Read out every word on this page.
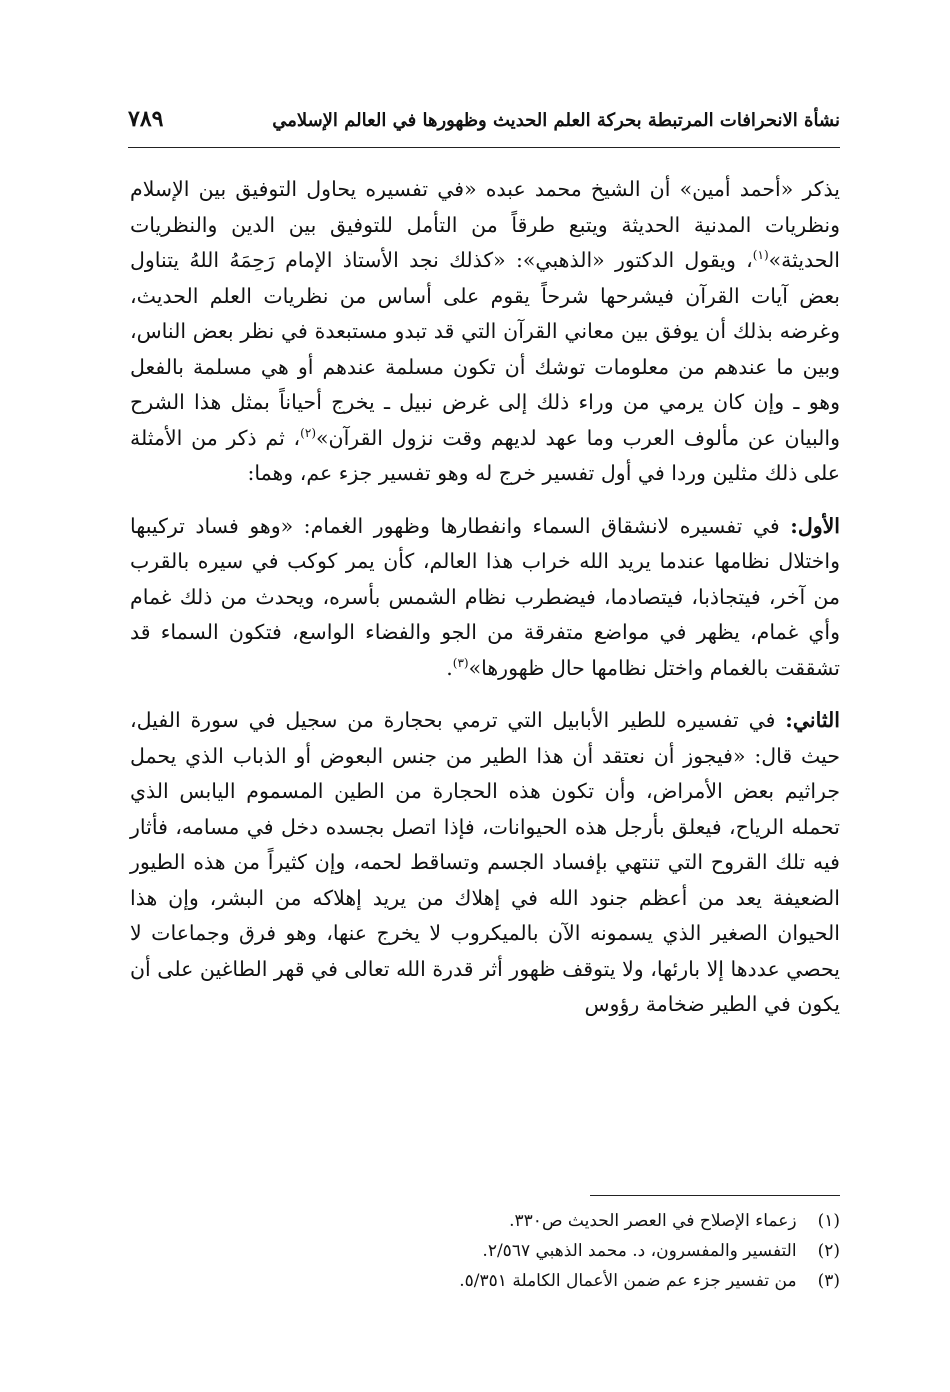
نشأة الانحرافات المرتبطة بحركة العلم الحديث وظهورها في العالم الإسلامي
٧٨٩

يذكر «أحمد أمين» أن الشيخ محمد عبده «في تفسيره يحاول التوفيق بين الإسلام ونظريات المدنية الحديثة ويتبع طرقاً من التأمل للتوفيق بين الدين والنظريات الحديثة»$^{(١)}$، ويقول الدكتور «الذهبي»: «كذلك نجد الأستاذ الإمام رَحِمَهُ اللهُ يتناول بعض آيات القرآن فيشرحها شرحاً يقوم على أساس من نظريات العلم الحديث، وغرضه بذلك أن يوفق بين معاني القرآن التي قد تبدو مستبعدة في نظر بعض الناس، وبين ما عندهم من معلومات توشك أن تكون مسلمة عندهم أو هي مسلمة بالفعل وهو ـ وإن كان يرمي من وراء ذلك إلى غرض نبيل ـ يخرج أحياناً بمثل هذا الشرح والبيان عن مألوف العرب وما عهد لديهم وقت نزول القرآن»$^{(٢)}$، ثم ذكر من الأمثلة على ذلك مثلين وردا في أول تفسير خرج له وهو تفسير جزء عم، وهما:

الأول: في تفسيره لانشقاق السماء وانفطارها وظهور الغمام: «وهو فساد تركيبها واختلال نظامها عندما يريد الله خراب هذا العالم، كأن يمر كوكب في سيره بالقرب من آخر، فيتجاذبا، فيتصادما، فيضطرب نظام الشمس بأسره، ويحدث من ذلك غمام وأي غمام، يظهر في مواضع متفرقة من الجو والفضاء الواسع، فتكون السماء قد تشققت بالغمام واختل نظامها حال ظهورها»$^{(٣)}$.

الثاني: في تفسيره للطير الأبابيل التي ترمي بحجارة من سجيل في سورة الفيل، حيث قال: «فيجوز أن نعتقد أن هذا الطير من جنس البعوض أو الذباب الذي يحمل جراثيم بعض الأمراض، وأن تكون هذه الحجارة من الطين المسموم اليابس الذي تحمله الرياح، فيعلق بأرجل هذه الحيوانات، فإذا اتصل بجسده دخل في مسامه، فأثار فيه تلك القروح التي تنتهي بإفساد الجسم وتساقط لحمه، وإن كثيراً من هذه الطيور الضعيفة يعد من أعظم جنود الله في إهلاك من يريد إهلاكه من البشر، وإن هذا الحيوان الصغير الذي يسمونه الآن بالميكروب لا يخرج عنها، وهو فرق وجماعات لا يحصي عددها إلا بارئها، ولا يتوقف ظهور أثر قدرة الله تعالى في قهر الطاغين على أن يكون في الطير ضخامة رؤوس

(١) زعماء الإصلاح في العصر الحديث ص٣٣٠.
(٢) التفسير والمفسرون، د. محمد الذهبي ٢/٥٦٧.
(٣) من تفسير جزء عم ضمن الأعمال الكاملة ٥/٣٥١.
